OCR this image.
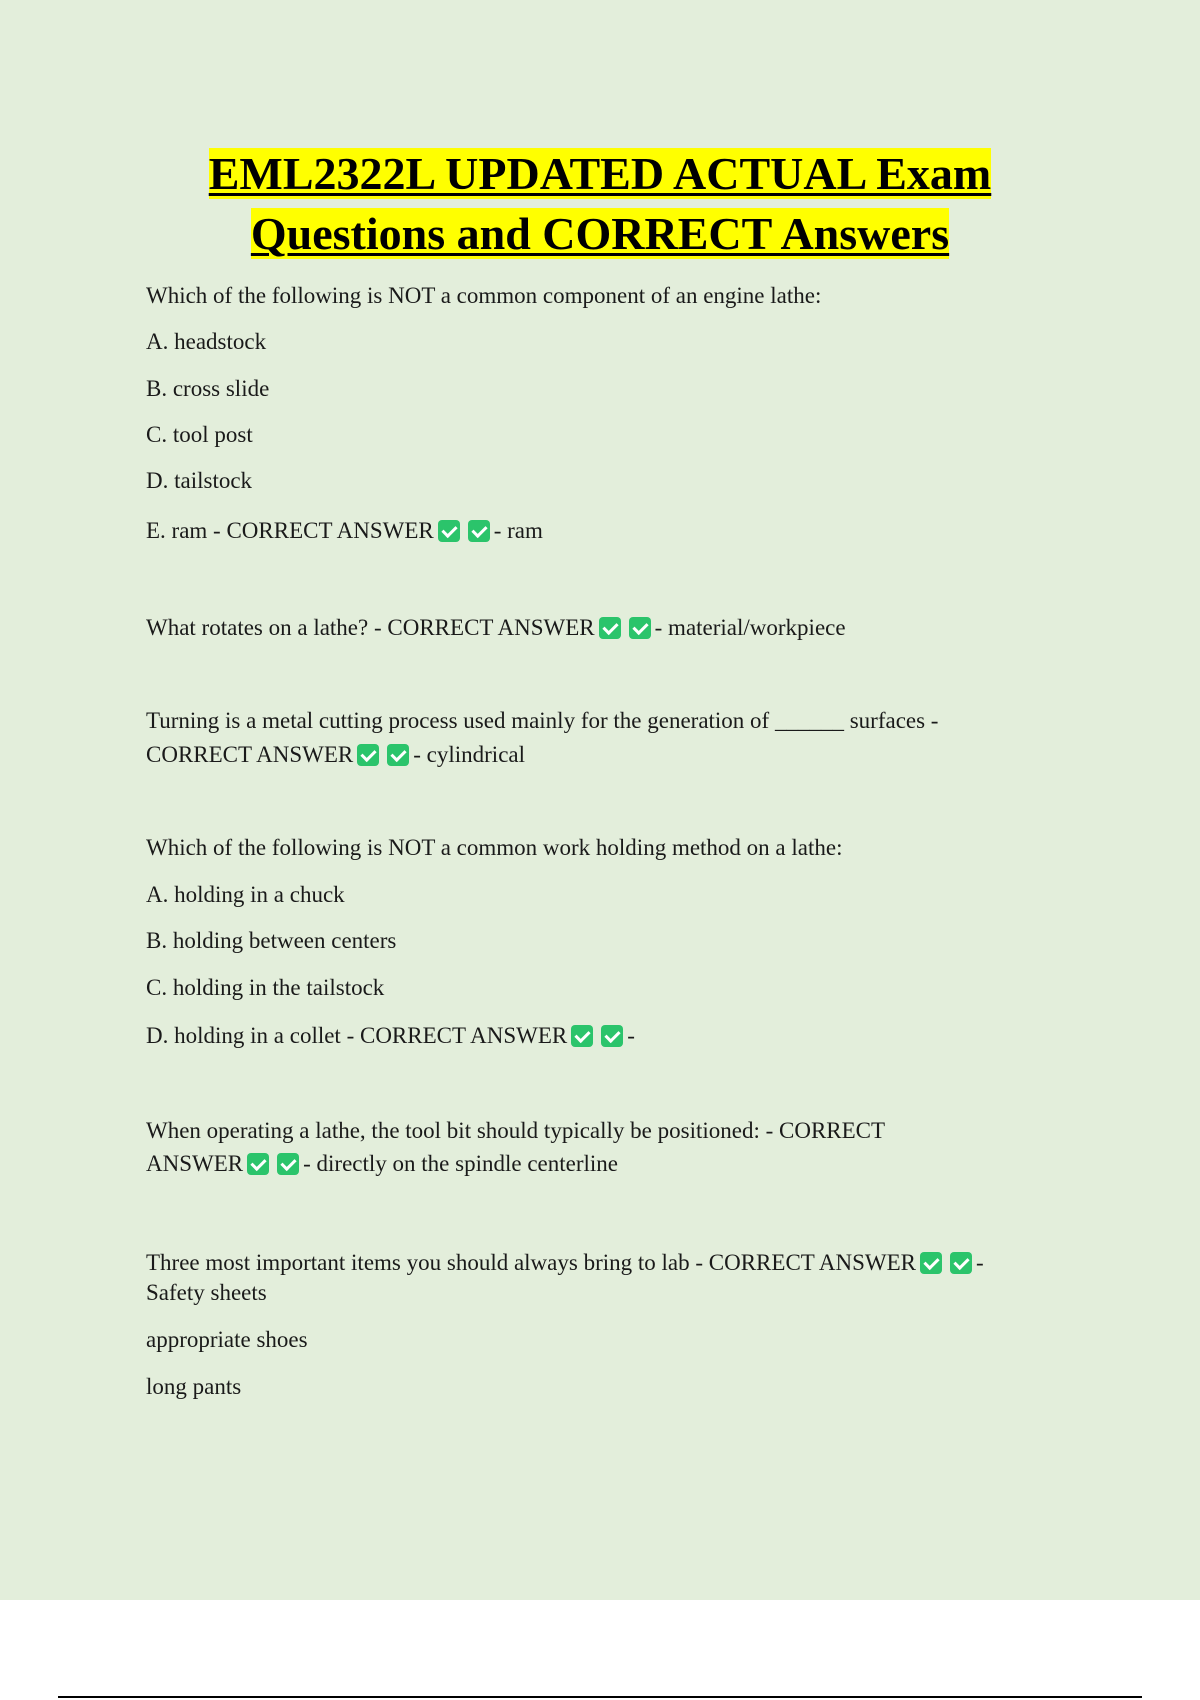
EML2322L UPDATED ACTUAL Exam
Questions and CORRECT Answers
Which of the following is NOT a common component of an engine lathe:
A. headstock
B. cross slide
C. tool post
D. tailstock
E. ram - CORRECT ANSWER	- ram
What rotates on a lathe? - CORRECT ANSWER	- material/workpiece
Turning is a metal cutting process used mainly for the generation of ______ surfaces -
CORRECT ANSWER	- cylindrical
Which of the following is NOT a common work holding method on a lathe:
A. holding in a chuck
B. holding between centers
C. holding in the tailstock
D. holding in a collet - CORRECT ANSWER	-
When operating a lathe, the tool bit should typically be positioned: - CORRECT
ANSWER	- directly on the spindle centerline
Three most important items you should always bring to lab - CORRECT ANSWER	-
Safety sheets
appropriate shoes
long pants
